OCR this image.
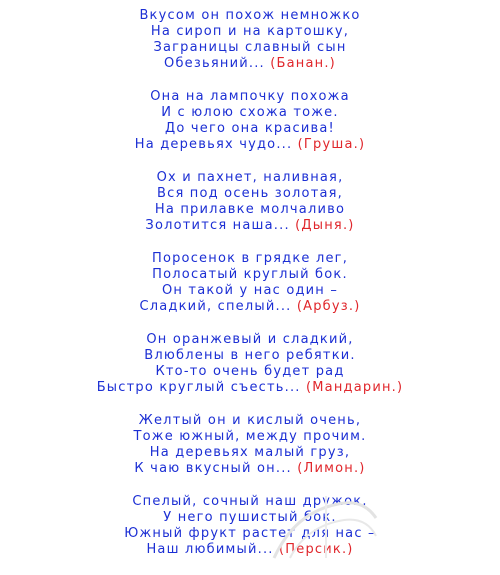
Вкусом он похож немножко
На сироп и на картошку,
Заграницы славный сын
Обезьяний... (Банан.)
Она на лампочку похожа
И с юлою схожа тоже.
До чего она красива!
На деревьях чудо... (Груша.)
Ох и пахнет, наливная,
Вся под осень золотая,
На прилавке молчаливо
Золотится наша... (Дыня.)
Поросенок в грядке лег,
Полосатый круглый бок.
Он такой у нас один –
Сладкий, спелый... (Арбуз.)
Он оранжевый и сладкий,
Влюблены в него ребятки.
Кто-то очень будет рад
Быстро круглый съесть... (Мандарин.)
Желтый он и кислый очень,
Тоже южный, между прочим.
На деревьях малый груз,
К чаю вкусный он... (Лимон.)
Спелый, сочный наш дружок,
У него пушистый бок.
Южный фрукт растет для нас –
Наш любимый... (Персик.)
